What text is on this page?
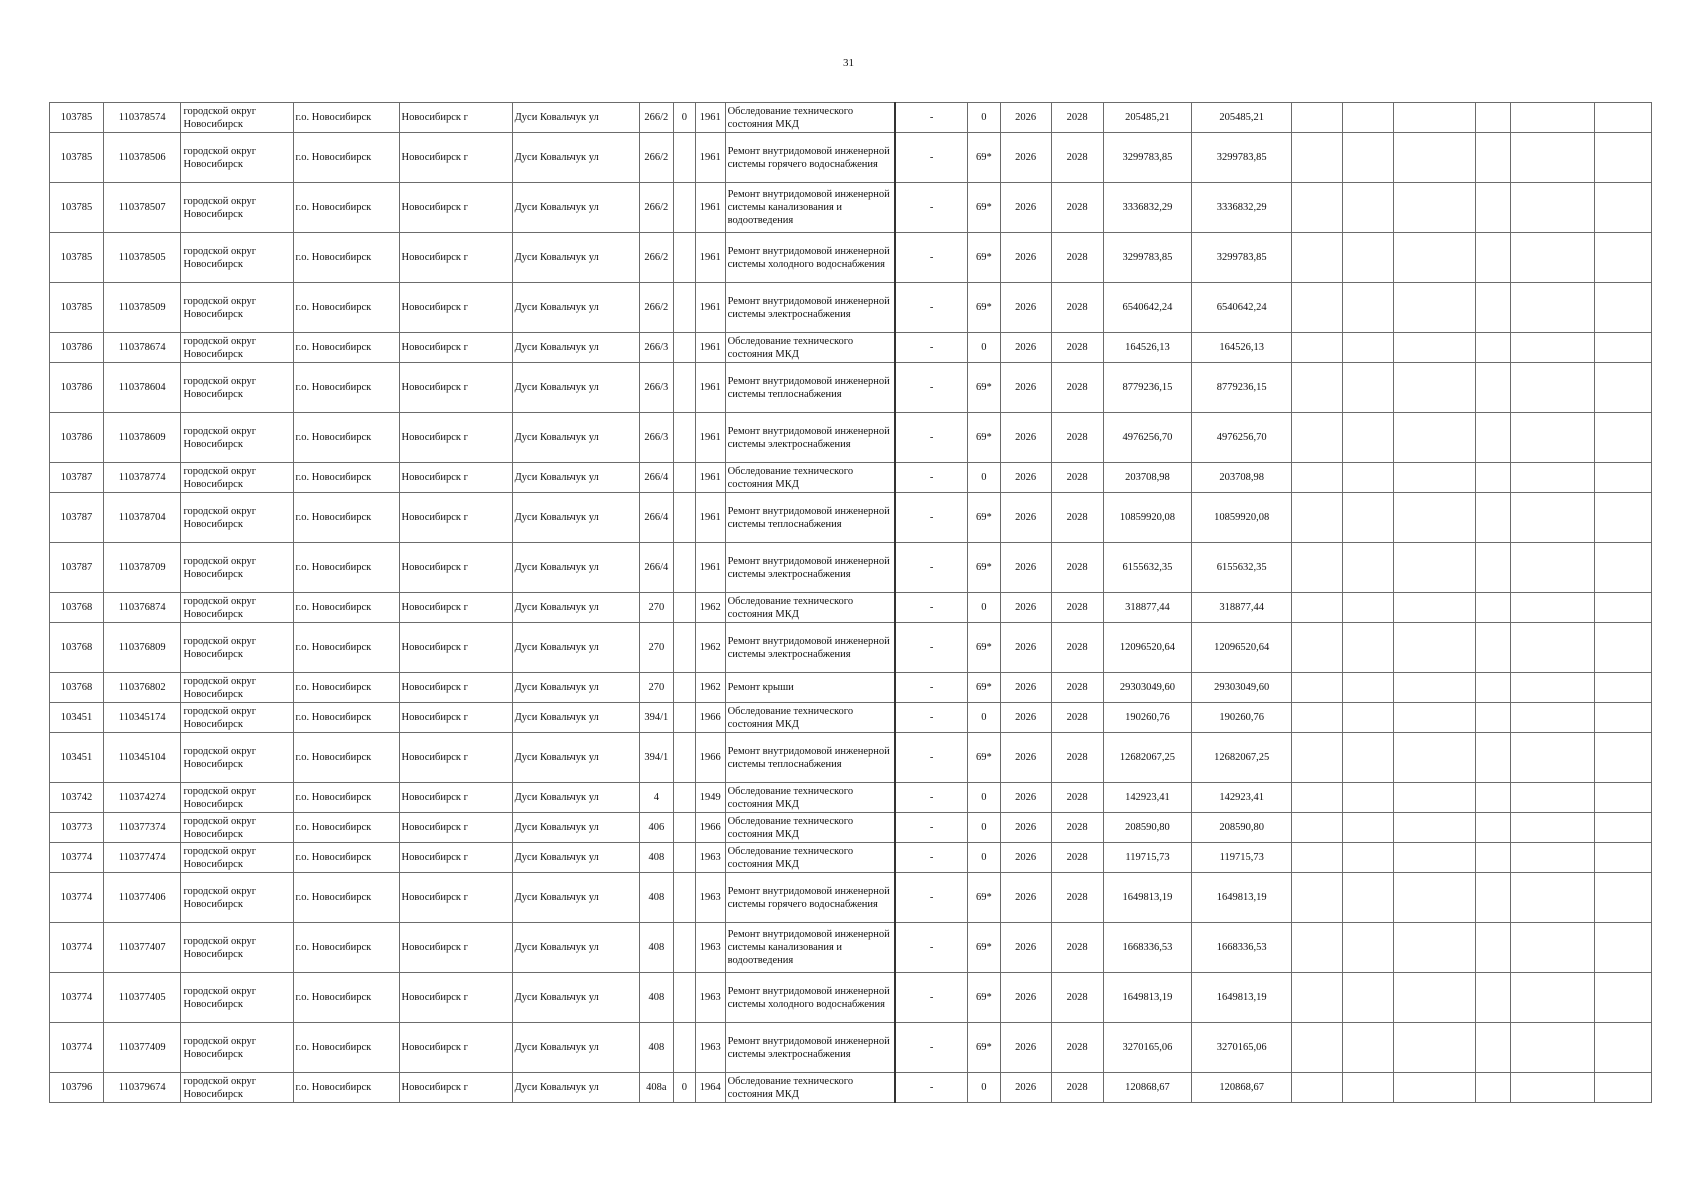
31
103785	110378574	городской округ Новосибирск	г.о. Новосибирск	Новосибирск г	Дуси Ковальчук ул	266/2	0	1961	Обследование технического состояния МКД	-	0	2026	2028	205485,21	205485,21						
103785	110378506	городской округ Новосибирск	г.о. Новосибирск	Новосибирск г	Дуси Ковальчук ул	266/2		1961	Ремонт внутридомовой инженерной системы горячего водоснабжения	-	69*	2026	2028	3299783,85	3299783,85						
103785	110378507	городской округ Новосибирск	г.о. Новосибирск	Новосибирск г	Дуси Ковальчук ул	266/2		1961	Ремонт внутридомовой инженерной системы канализования и водоотведения	-	69*	2026	2028	3336832,29	3336832,29						
103785	110378505	городской округ Новосибирск	г.о. Новосибирск	Новосибирск г	Дуси Ковальчук ул	266/2		1961	Ремонт внутридомовой инженерной системы холодного водоснабжения	-	69*	2026	2028	3299783,85	3299783,85						
103785	110378509	городской округ Новосибирск	г.о. Новосибирск	Новосибирск г	Дуси Ковальчук ул	266/2		1961	Ремонт внутридомовой инженерной системы электроснабжения	-	69*	2026	2028	6540642,24	6540642,24						
103786	110378674	городской округ Новосибирск	г.о. Новосибирск	Новосибирск г	Дуси Ковальчук ул	266/3		1961	Обследование технического состояния МКД	-	0	2026	2028	164526,13	164526,13						
103786	110378604	городской округ Новосибирск	г.о. Новосибирск	Новосибирск г	Дуси Ковальчук ул	266/3		1961	Ремонт внутридомовой инженерной системы теплоснабжения	-	69*	2026	2028	8779236,15	8779236,15						
103786	110378609	городской округ Новосибирск	г.о. Новосибирск	Новосибирск г	Дуси Ковальчук ул	266/3		1961	Ремонт внутридомовой инженерной системы электроснабжения	-	69*	2026	2028	4976256,70	4976256,70						
103787	110378774	городской округ Новосибирск	г.о. Новосибирск	Новосибирск г	Дуси Ковальчук ул	266/4		1961	Обследование технического состояния МКД	-	0	2026	2028	203708,98	203708,98						
103787	110378704	городской округ Новосибирск	г.о. Новосибирск	Новосибирск г	Дуси Ковальчук ул	266/4		1961	Ремонт внутридомовой инженерной системы теплоснабжения	-	69*	2026	2028	10859920,08	10859920,08						
103787	110378709	городской округ Новосибирск	г.о. Новосибирск	Новосибирск г	Дуси Ковальчук ул	266/4		1961	Ремонт внутридомовой инженерной системы электроснабжения	-	69*	2026	2028	6155632,35	6155632,35						
103768	110376874	городской округ Новосибирск	г.о. Новосибирск	Новосибирск г	Дуси Ковальчук ул	270		1962	Обследование технического состояния МКД	-	0	2026	2028	318877,44	318877,44						
103768	110376809	городской округ Новосибирск	г.о. Новосибирск	Новосибирск г	Дуси Ковальчук ул	270		1962	Ремонт внутридомовой инженерной системы электроснабжения	-	69*	2026	2028	12096520,64	12096520,64						
103768	110376802	городской округ Новосибирск	г.о. Новосибирск	Новосибирск г	Дуси Ковальчук ул	270		1962	Ремонт крыши	-	69*	2026	2028	29303049,60	29303049,60						
103451	110345174	городской округ Новосибирск	г.о. Новосибирск	Новосибирск г	Дуси Ковальчук ул	394/1		1966	Обследование технического состояния МКД	-	0	2026	2028	190260,76	190260,76						
103451	110345104	городской округ Новосибирск	г.о. Новосибирск	Новосибирск г	Дуси Ковальчук ул	394/1		1966	Ремонт внутридомовой инженерной системы теплоснабжения	-	69*	2026	2028	12682067,25	12682067,25						
103742	110374274	городской округ Новосибирск	г.о. Новосибирск	Новосибирск г	Дуси Ковальчук ул	4		1949	Обследование технического состояния МКД	-	0	2026	2028	142923,41	142923,41						
103773	110377374	городской округ Новосибирск	г.о. Новосибирск	Новосибирск г	Дуси Ковальчук ул	406		1966	Обследование технического состояния МКД	-	0	2026	2028	208590,80	208590,80						
103774	110377474	городской округ Новосибирск	г.о. Новосибирск	Новосибирск г	Дуси Ковальчук ул	408		1963	Обследование технического состояния МКД	-	0	2026	2028	119715,73	119715,73						
103774	110377406	городской округ Новосибирск	г.о. Новосибирск	Новосибирск г	Дуси Ковальчук ул	408		1963	Ремонт внутридомовой инженерной системы горячего водоснабжения	-	69*	2026	2028	1649813,19	1649813,19						
103774	110377407	городской округ Новосибирск	г.о. Новосибирск	Новосибирск г	Дуси Ковальчук ул	408		1963	Ремонт внутридомовой инженерной системы канализования и водоотведения	-	69*	2026	2028	1668336,53	1668336,53						
103774	110377405	городской округ Новосибирск	г.о. Новосибирск	Новосибирск г	Дуси Ковальчук ул	408		1963	Ремонт внутридомовой инженерной системы холодного водоснабжения	-	69*	2026	2028	1649813,19	1649813,19						
103774	110377409	городской округ Новосибирск	г.о. Новосибирск	Новосибирск г	Дуси Ковальчук ул	408		1963	Ремонт внутридомовой инженерной системы электроснабжения	-	69*	2026	2028	3270165,06	3270165,06						
103796	110379674	городской округ Новосибирск	г.о. Новосибирск	Новосибирск г	Дуси Ковальчук ул	408а	0	1964	Обследование технического состояния МКД	-	0	2026	2028	120868,67	120868,67						
